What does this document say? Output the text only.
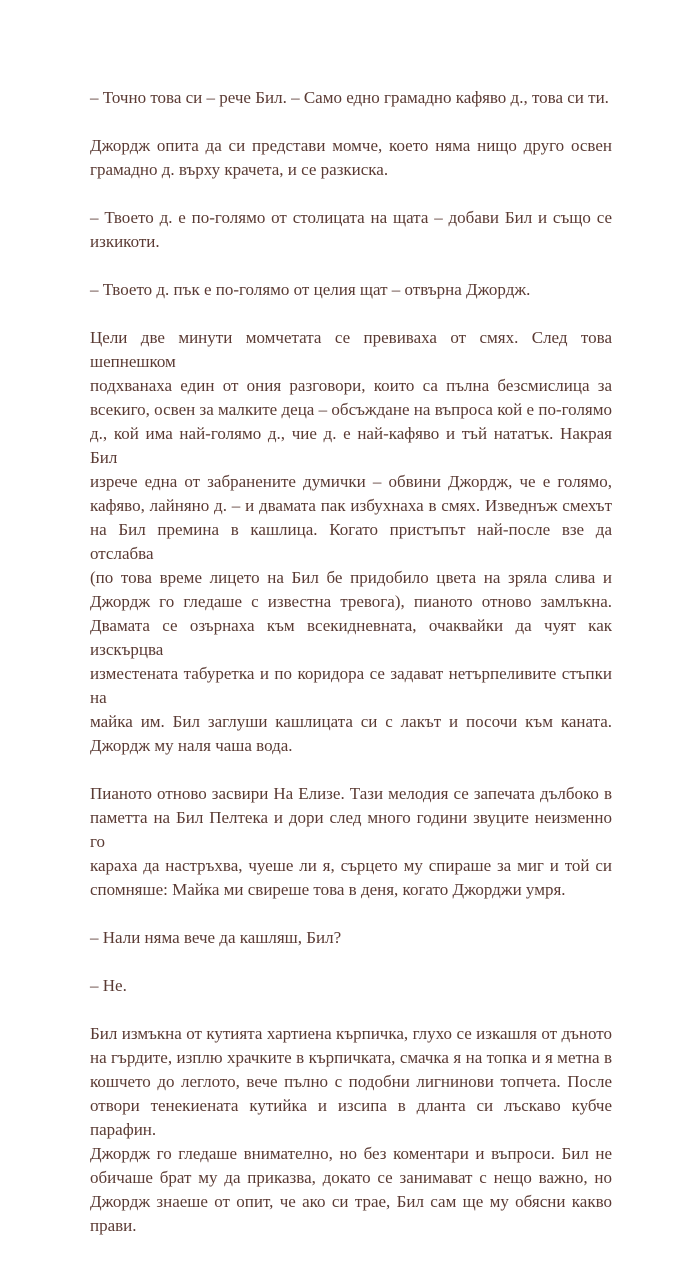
– Точно това си – рече Бил. – Само едно грамадно кафяво д., това си ти.

Джордж опита да си представи момче, което няма нищо друго освен
грамадно д. върху крачета, и се разкиска.

– Твоето д. е по-голямо от столицата на щата – добави Бил и също се
изкикоти.

– Твоето д. пък е по-голямо от целия щат – отвърна Джордж.

Цели две минути момчетата се превиваха от смях. След това шепнешком
подхванаха един от ония разговори, които са пълна безсмислица за
всекиго, освен за малките деца – обсъждане на въпроса кой е по-голямо
д., кой има най-голямо д., чие д. е най-кафяво и тъй нататък. Накрая Бил
изрече една от забранените думички – обвини Джордж, че е голямо,
кафяво, лайняно д. – и двамата пак избухнаха в смях. Изведнъж смехът
на Бил премина в кашлица. Когато пристъпът най-после взе да отслабва
(по това време лицето на Бил бе придобило цвета на зряла слива и
Джордж го гледаше с известна тревога), пианото отново замлъкна.
Двамата се озърнаха към всекидневната, очаквайки да чуят как изскърцва
изместената табуретка и по коридора се задават нетърпеливите стъпки на
майка им. Бил заглуши кашлицата си с лакът и посочи към каната.
Джордж му наля чаша вода.

Пианото отново засвири На Елизе. Тази мелодия се запечата дълбоко в
паметта на Бил Пелтека и дори след много години звуците неизменно го
караха да настръхва, чуеше ли я, сърцето му спираше за миг и той си
спомняше: Майка ми свиреше това в деня, когато Джорджи умря.

– Нали няма вече да кашляш, Бил?

– Не.

Бил измъкна от кутията хартиена кърпичка, глухо се изкашля от дъното
на гърдите, изплю храчките в кърпичката, смачка я на топка и я метна в
кошчето до леглото, вече пълно с подобни лигнинови топчета. После
отвори тенекиената кутийка и изсипа в дланта си лъскаво кубче парафин.
Джордж го гледаше внимателно, но без коментари и въпроси. Бил не
обичаше брат му да приказва, докато се занимават с нещо важно, но
Джордж знаеше от опит, че ако си трае, Бил сам ще му обясни какво
прави.
